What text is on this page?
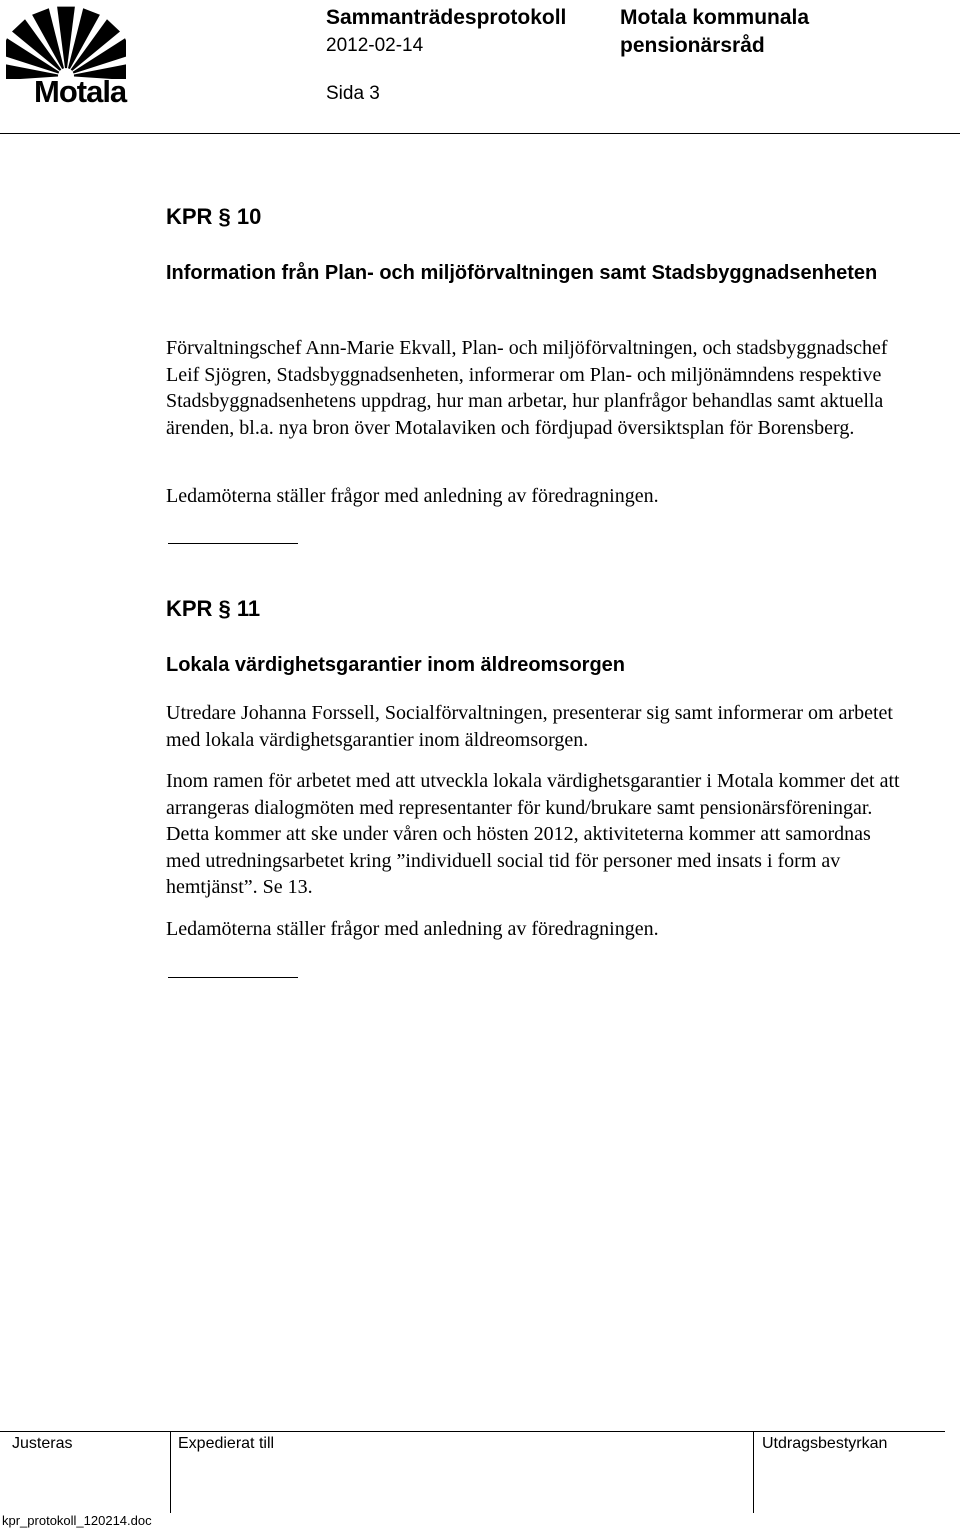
Motala
Sammanträdesprotokoll
2012-02-14
Sida 3
Motala kommunala
pensionärsråd
KPR § 10
Information från Plan- och miljöförvaltningen samt Stadsbyggnadsenheten
Förvaltningschef Ann-Marie Ekvall, Plan- och miljöförvaltningen, och stadsbyggnadschef Leif Sjögren, Stadsbyggnadsenheten, informerar om Plan- och miljönämndens respektive Stadsbyggnadsenhetens uppdrag, hur man arbetar, hur planfrågor behandlas samt aktuella ärenden, bl.a. nya bron över Motalaviken och fördjupad översiktsplan för Borensberg.
Ledamöterna ställer frågor med anledning av föredragningen.
KPR § 11
Lokala värdighetsgarantier inom äldreomsorgen
Utredare Johanna Forssell, Socialförvaltningen, presenterar sig samt informerar om arbetet med lokala värdighetsgarantier inom äldreomsorgen.
Inom ramen för arbetet med att utveckla lokala värdighetsgarantier i Motala kommer det att arrangeras dialogmöten med representanter för kund/brukare samt pensionärsföreningar. Detta kommer att ske under våren och hösten 2012, aktiviteterna kommer att samordnas med utredningsarbetet kring ”individuell social tid för personer med insats i form av hemtjänst”. Se 13.
Ledamöterna ställer frågor med anledning av föredragningen.
Justeras	Expedierat till	Utdragsbestyrkan
kpr_protokoll_120214.doc
